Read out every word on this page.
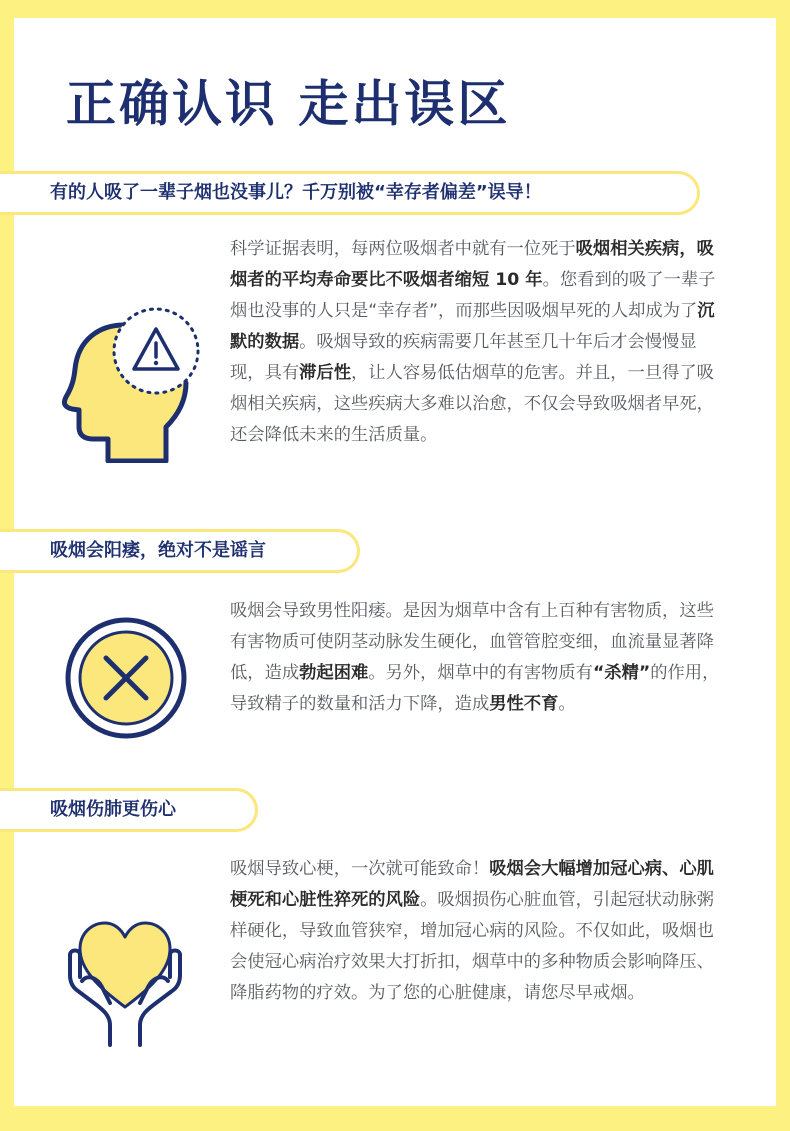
正确认识 走出误区
有的人吸了一辈子烟也没事儿？千万别被“幸存者偏差”误导！

科学证据表明，每两位吸烟者中就有一位死于吸烟相关疾病，吸烟者的平均寿命要比不吸烟者缩短 10 年。您看到的吸了一辈子烟也没事的人只是“幸存者”，而那些因吸烟早死的人却成为了沉默的数据。吸烟导致的疾病需要几年甚至几十年后才会慢慢显现，具有滞后性，让人容易低估烟草的危害。并且，一旦得了吸烟相关疾病，这些疾病大多难以治愈，不仅会导致吸烟者早死，还会降低未来的生活质量。

吸烟会阳痿，绝对不是谣言

吸烟会导致男性阳痿。是因为烟草中含有上百种有害物质，这些有害物质可使阴茎动脉发生硬化，血管管腔变细，血流量显著降低，造成勃起困难。另外，烟草中的有害物质有“杀精”的作用，导致精子的数量和活力下降，造成男性不育。

吸烟伤肺更伤心

吸烟导致心梗，一次就可能致命！吸烟会大幅增加冠心病、心肌梗死和心脏性猝死的风险。吸烟损伤心脏血管，引起冠状动脉粥样硬化，导致血管狭窄，增加冠心病的风险。不仅如此，吸烟也会使冠心病治疗效果大打折扣，烟草中的多种物质会影响降压、降脂药物的疗效。为了您的心脏健康，请您尽早戒烟。
